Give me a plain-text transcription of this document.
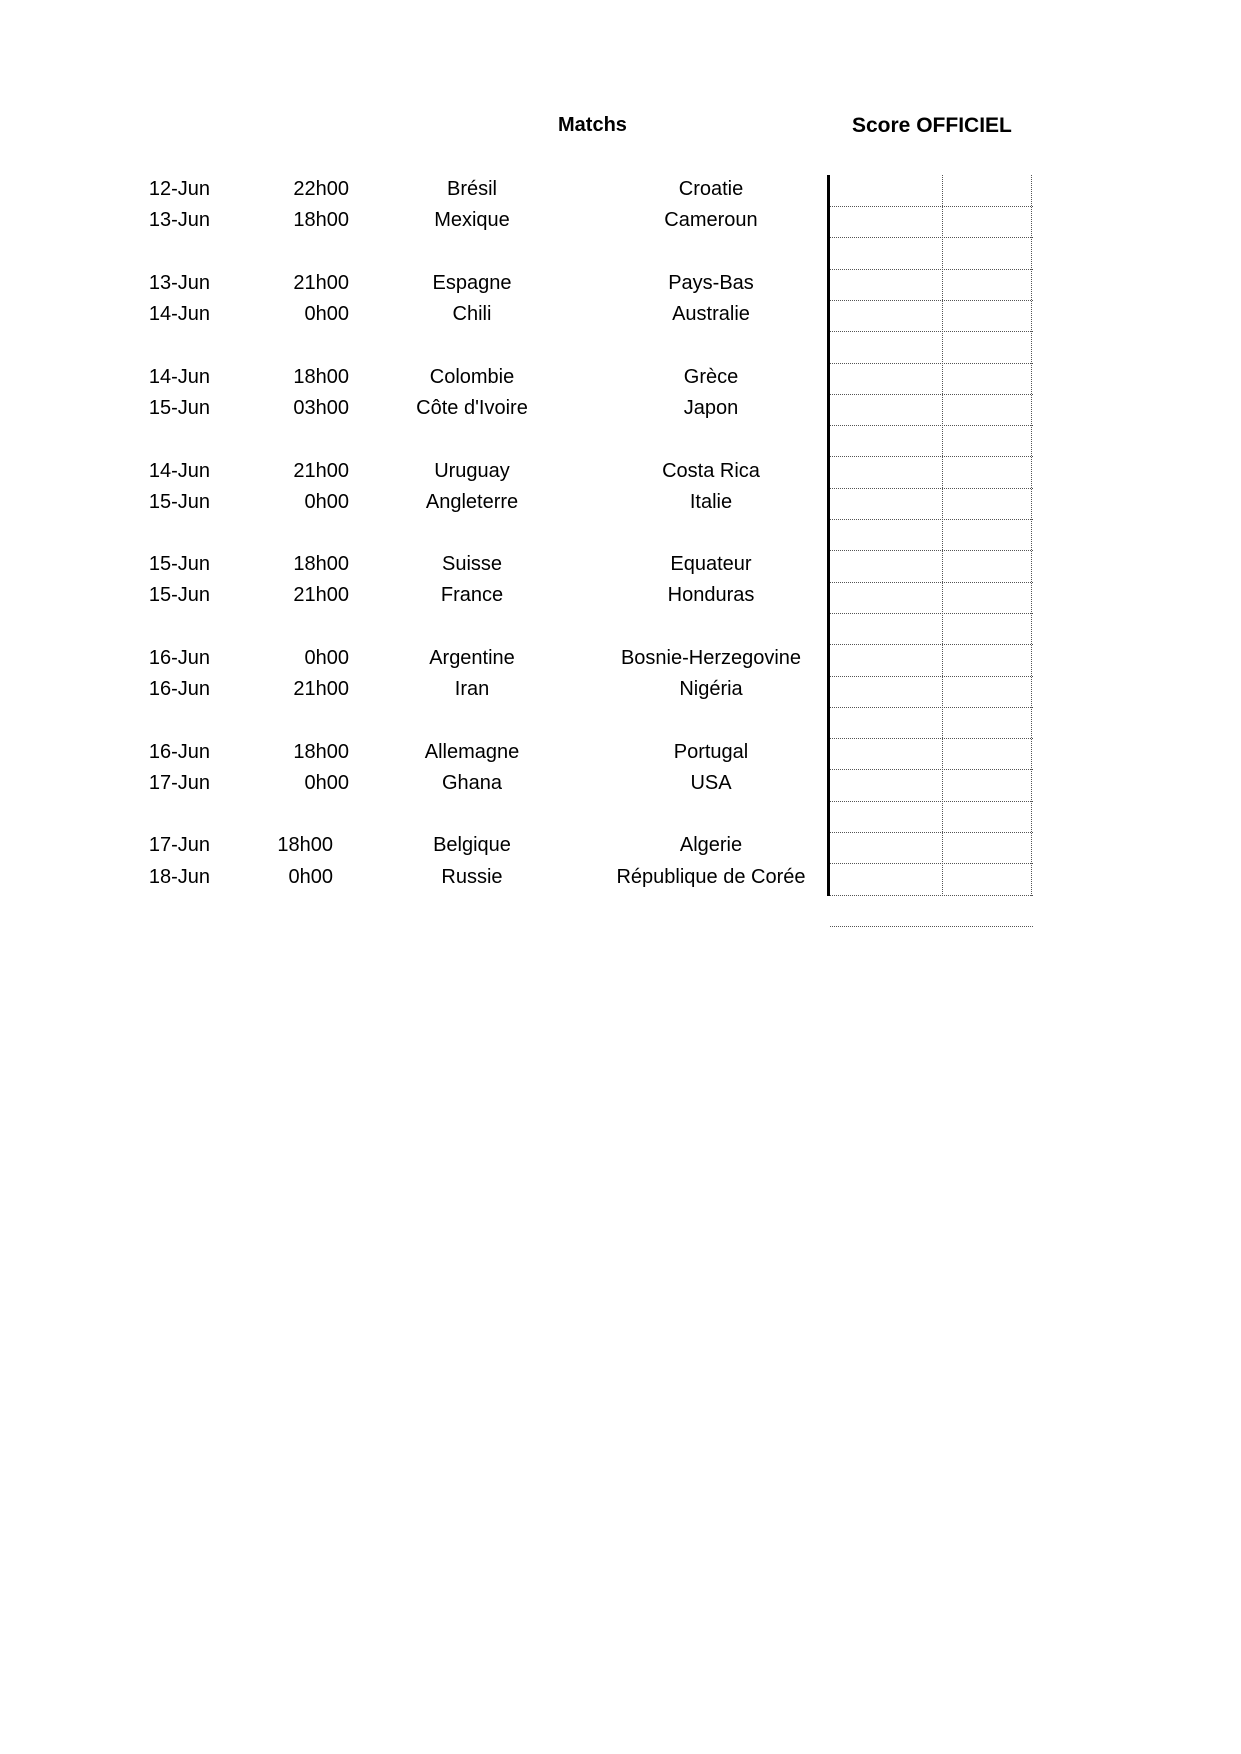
Matchs	Score OFFICIEL
12-Jun	22h00	Brésil	Croatie
13-Jun	18h00	Mexique	Cameroun
13-Jun	21h00	Espagne	Pays-Bas
14-Jun	0h00	Chili	Australie
14-Jun	18h00	Colombie	Grèce
15-Jun	03h00	Côte d'Ivoire	Japon
14-Jun	21h00	Uruguay	Costa Rica
15-Jun	0h00	Angleterre	Italie
15-Jun	18h00	Suisse	Equateur
15-Jun	21h00	France	Honduras
16-Jun	0h00	Argentine	Bosnie-Herzegovine
16-Jun	21h00	Iran	Nigéria
16-Jun	18h00	Allemagne	Portugal
17-Jun	0h00	Ghana	USA
17-Jun	18h00	Belgique	Algerie
18-Jun	0h00	Russie	République de Corée
